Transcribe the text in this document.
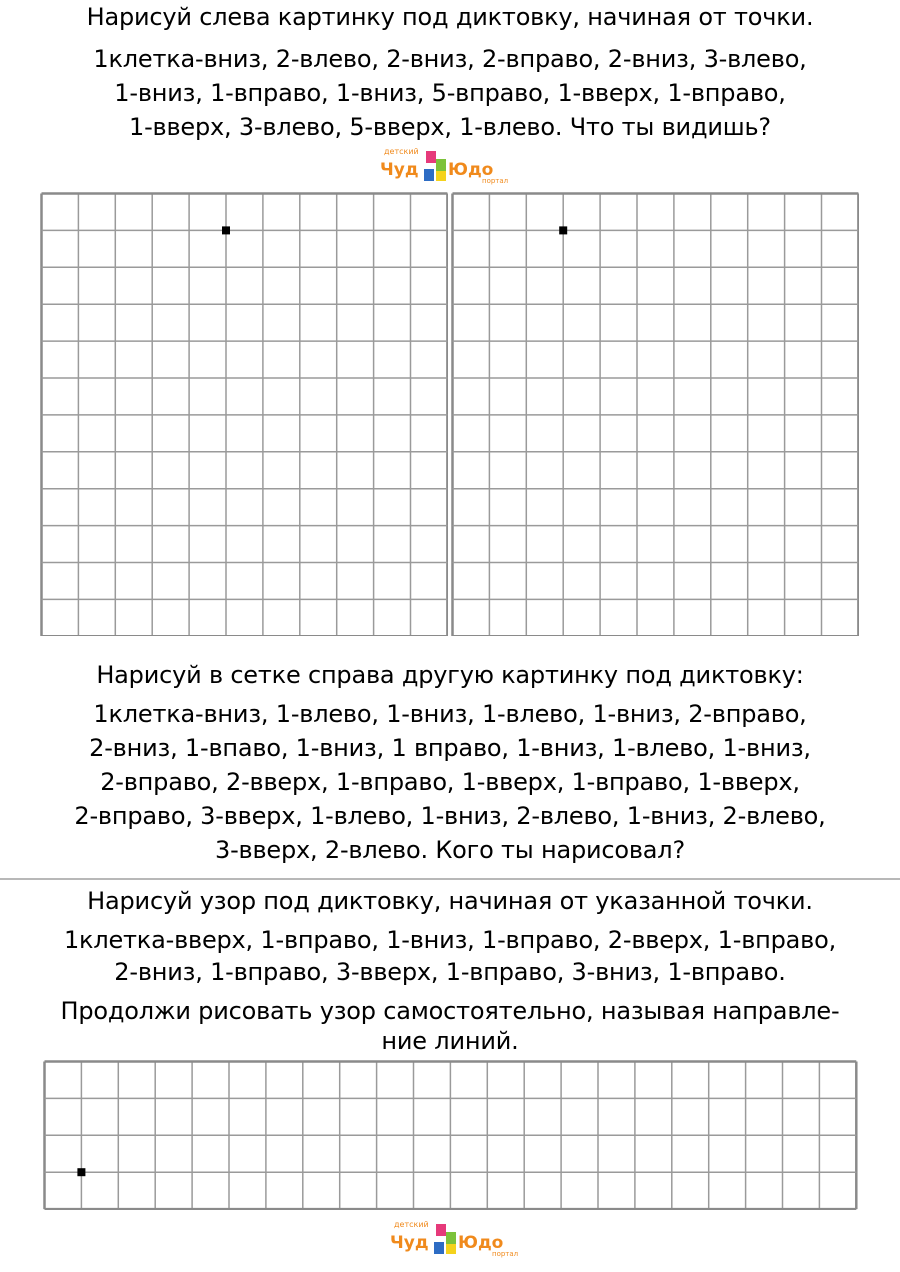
Нарисуй слева картинку под диктовку, начиная от точки.
1клетка-вниз, 2-влево, 2-вниз, 2-вправо, 2-вниз, 3-влево,
1-вниз, 1-вправо, 1-вниз, 5-вправо, 1-вверх, 1-вправо,
1-вверх, 3-влево, 5-вверх, 1-влево. Что ты видишь?
детский
Чуд Юдо
портал
Нарисуй в сетке справа другую картинку под диктовку:
1клетка-вниз, 1-влево, 1-вниз, 1-влево, 1-вниз, 2-вправо,
2-вниз, 1-впаво, 1-вниз, 1 вправо, 1-вниз, 1-влево, 1-вниз,
2-вправо, 2-вверх, 1-вправо, 1-вверх, 1-вправо, 1-вверх,
2-вправо, 3-вверх, 1-влево, 1-вниз, 2-влево, 1-вниз, 2-влево,
3-вверх, 2-влево. Кого ты нарисовал?
Нарисуй узор под диктовку, начиная от указанной точки.
1клетка-вверх, 1-вправо, 1-вниз, 1-вправо, 2-вверх, 1-вправо,
2-вниз, 1-вправо, 3-вверх, 1-вправо, 3-вниз, 1-вправо.
Продолжи рисовать узор самостоятельно, называя направле-
ние линий.
детский
Чуд Юдо
портал
